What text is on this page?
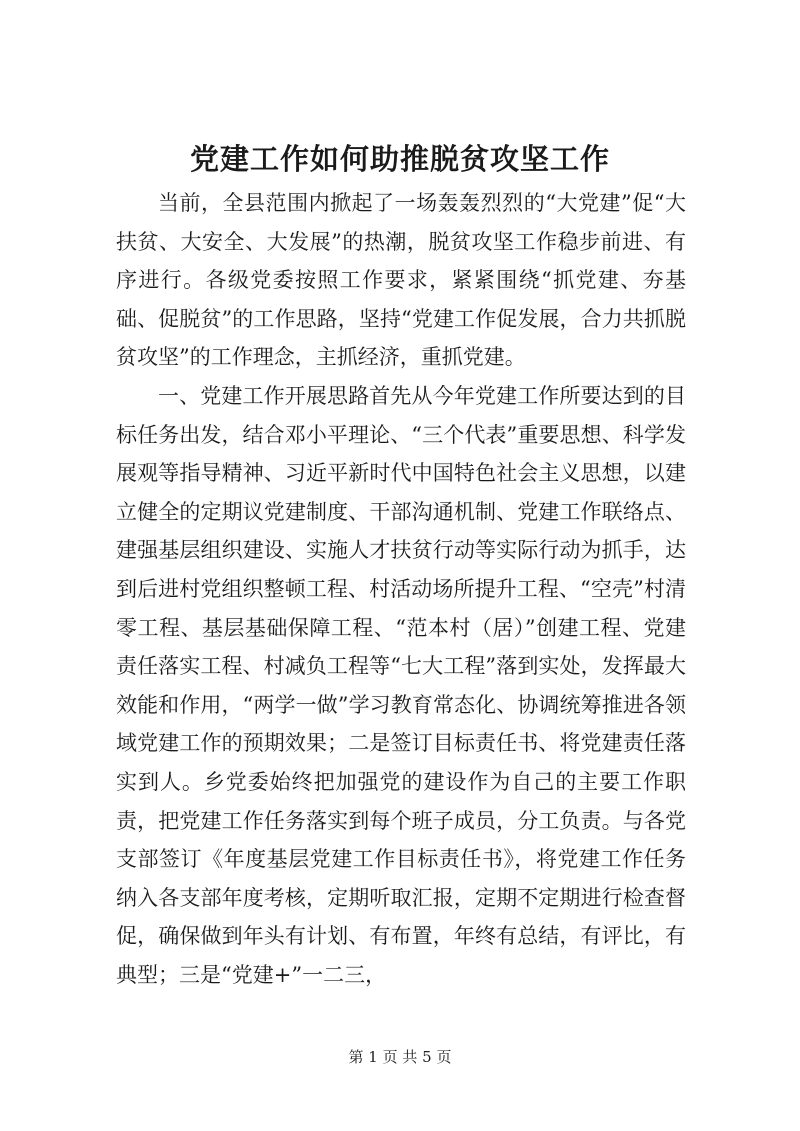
党建工作如何助推脱贫攻坚工作

当前，全县范围内掀起了一场轰轰烈烈的“大党建”促“大扶贫、大安全、大发展”的热潮，脱贫攻坚工作稳步前进、有序进行。各级党委按照工作要求，紧紧围绕“抓党建、夯基础、促脱贫”的工作思路，坚持“党建工作促发展，合力共抓脱贫攻坚”的工作理念，主抓经济，重抓党建。

一、党建工作开展思路首先从今年党建工作所要达到的目标任务出发，结合邓小平理论、“三个代表”重要思想、科学发展观等指导精神、习近平新时代中国特色社会主义思想，以建立健全的定期议党建制度、干部沟通机制、党建工作联络点、建强基层组织建设、实施人才扶贫行动等实际行动为抓手，达到后进村党组织整顿工程、村活动场所提升工程、“空壳”村清零工程、基层基础保障工程、“范本村（居）”创建工程、党建责任落实工程、村减负工程等“七大工程”落到实处，发挥最大效能和作用，“两学一做”学习教育常态化、协调统筹推进各领域党建工作的预期效果；二是签订目标责任书、将党建责任落实到人。乡党委始终把加强党的建设作为自己的主要工作职责，把党建工作任务落实到每个班子成员，分工负责。与各党支部签订《年度基层党建工作目标责任书》，将党建工作任务纳入各支部年度考核，定期听取汇报，定期不定期进行检查督促，确保做到年头有计划、有布置，年终有总结，有评比，有典型；三是“党建+”一二三，

第 1 页 共 5 页
